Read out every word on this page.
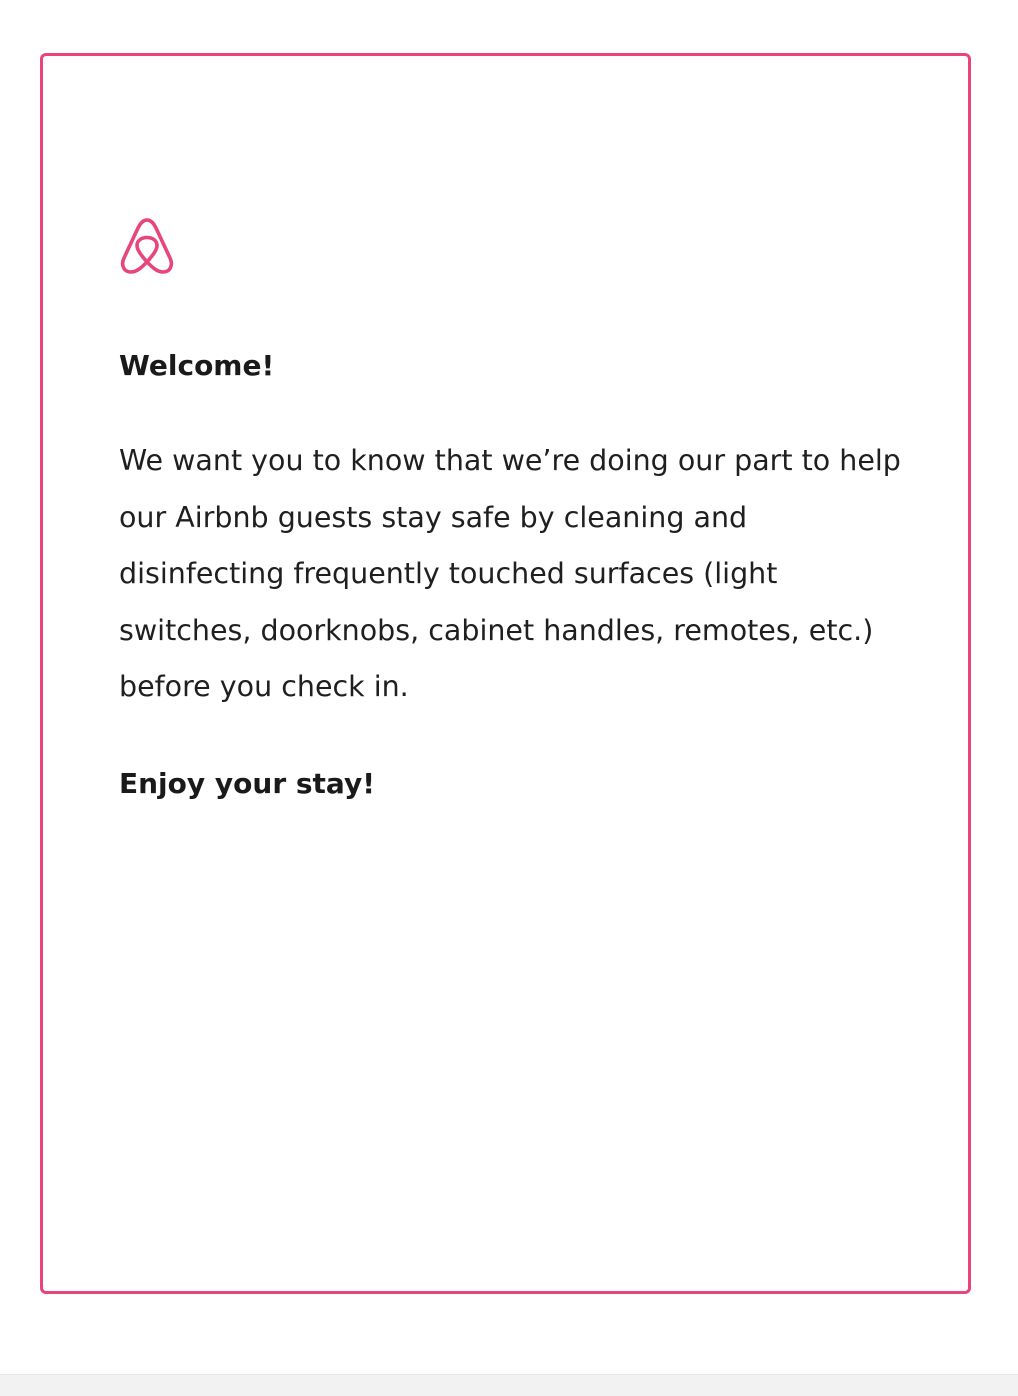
Welcome!

We want you to know that we’re doing our part to help our Airbnb guests stay safe by cleaning and disinfecting frequently touched surfaces (light switches, doorknobs, cabinet handles, remotes, etc.) before you check in.

Enjoy your stay!
